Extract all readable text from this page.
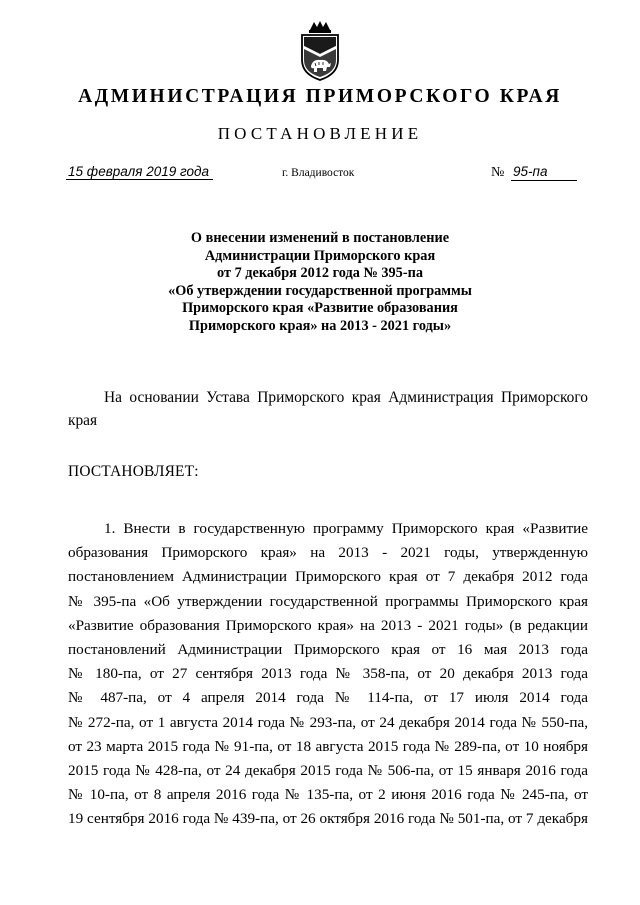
АДМИНИСТРАЦИЯ ПРИМОРСКОГО КРАЯ
ПОСТАНОВЛЕНИЕ
15 февраля 2019 года	г. Владивосток	№ 95-па
О внесении изменений в постановление
Администрации Приморского края
от 7 декабря 2012 года № 395-па
«Об утверждении государственной программы
Приморского края «Развитие образования
Приморского края» на 2013 - 2021 годы»
На основании Устава Приморского края Администрация Приморского
края
ПОСТАНОВЛЯЕТ:
1. Внести в государственную программу Приморского края «Развитие
образования Приморского края» на 2013 - 2021 годы, утвержденную
постановлением Администрации Приморского края от 7 декабря 2012 года
№ 395-па «Об утверждении государственной программы Приморского края
«Развитие образования Приморского края» на 2013 - 2021 годы» (в редакции
постановлений Администрации Приморского края от 16 мая 2013 года
№ 180-па, от 27 сентября 2013 года № 358-па, от 20 декабря 2013 года
№ 487-па, от 4 апреля 2014 года № 114-па, от 17 июля 2014 года
№ 272-па, от 1 августа 2014 года № 293-па, от 24 декабря 2014 года № 550-па,
от 23 марта 2015 года № 91-па, от 18 августа 2015 года № 289-па, от 10 ноября
2015 года № 428-па, от 24 декабря 2015 года № 506-па, от 15 января 2016 года
№ 10-па, от 8 апреля 2016 года № 135-па, от 2 июня 2016 года № 245-па, от
19 сентября 2016 года № 439-па, от 26 октября 2016 года № 501-па, от 7 декабря
